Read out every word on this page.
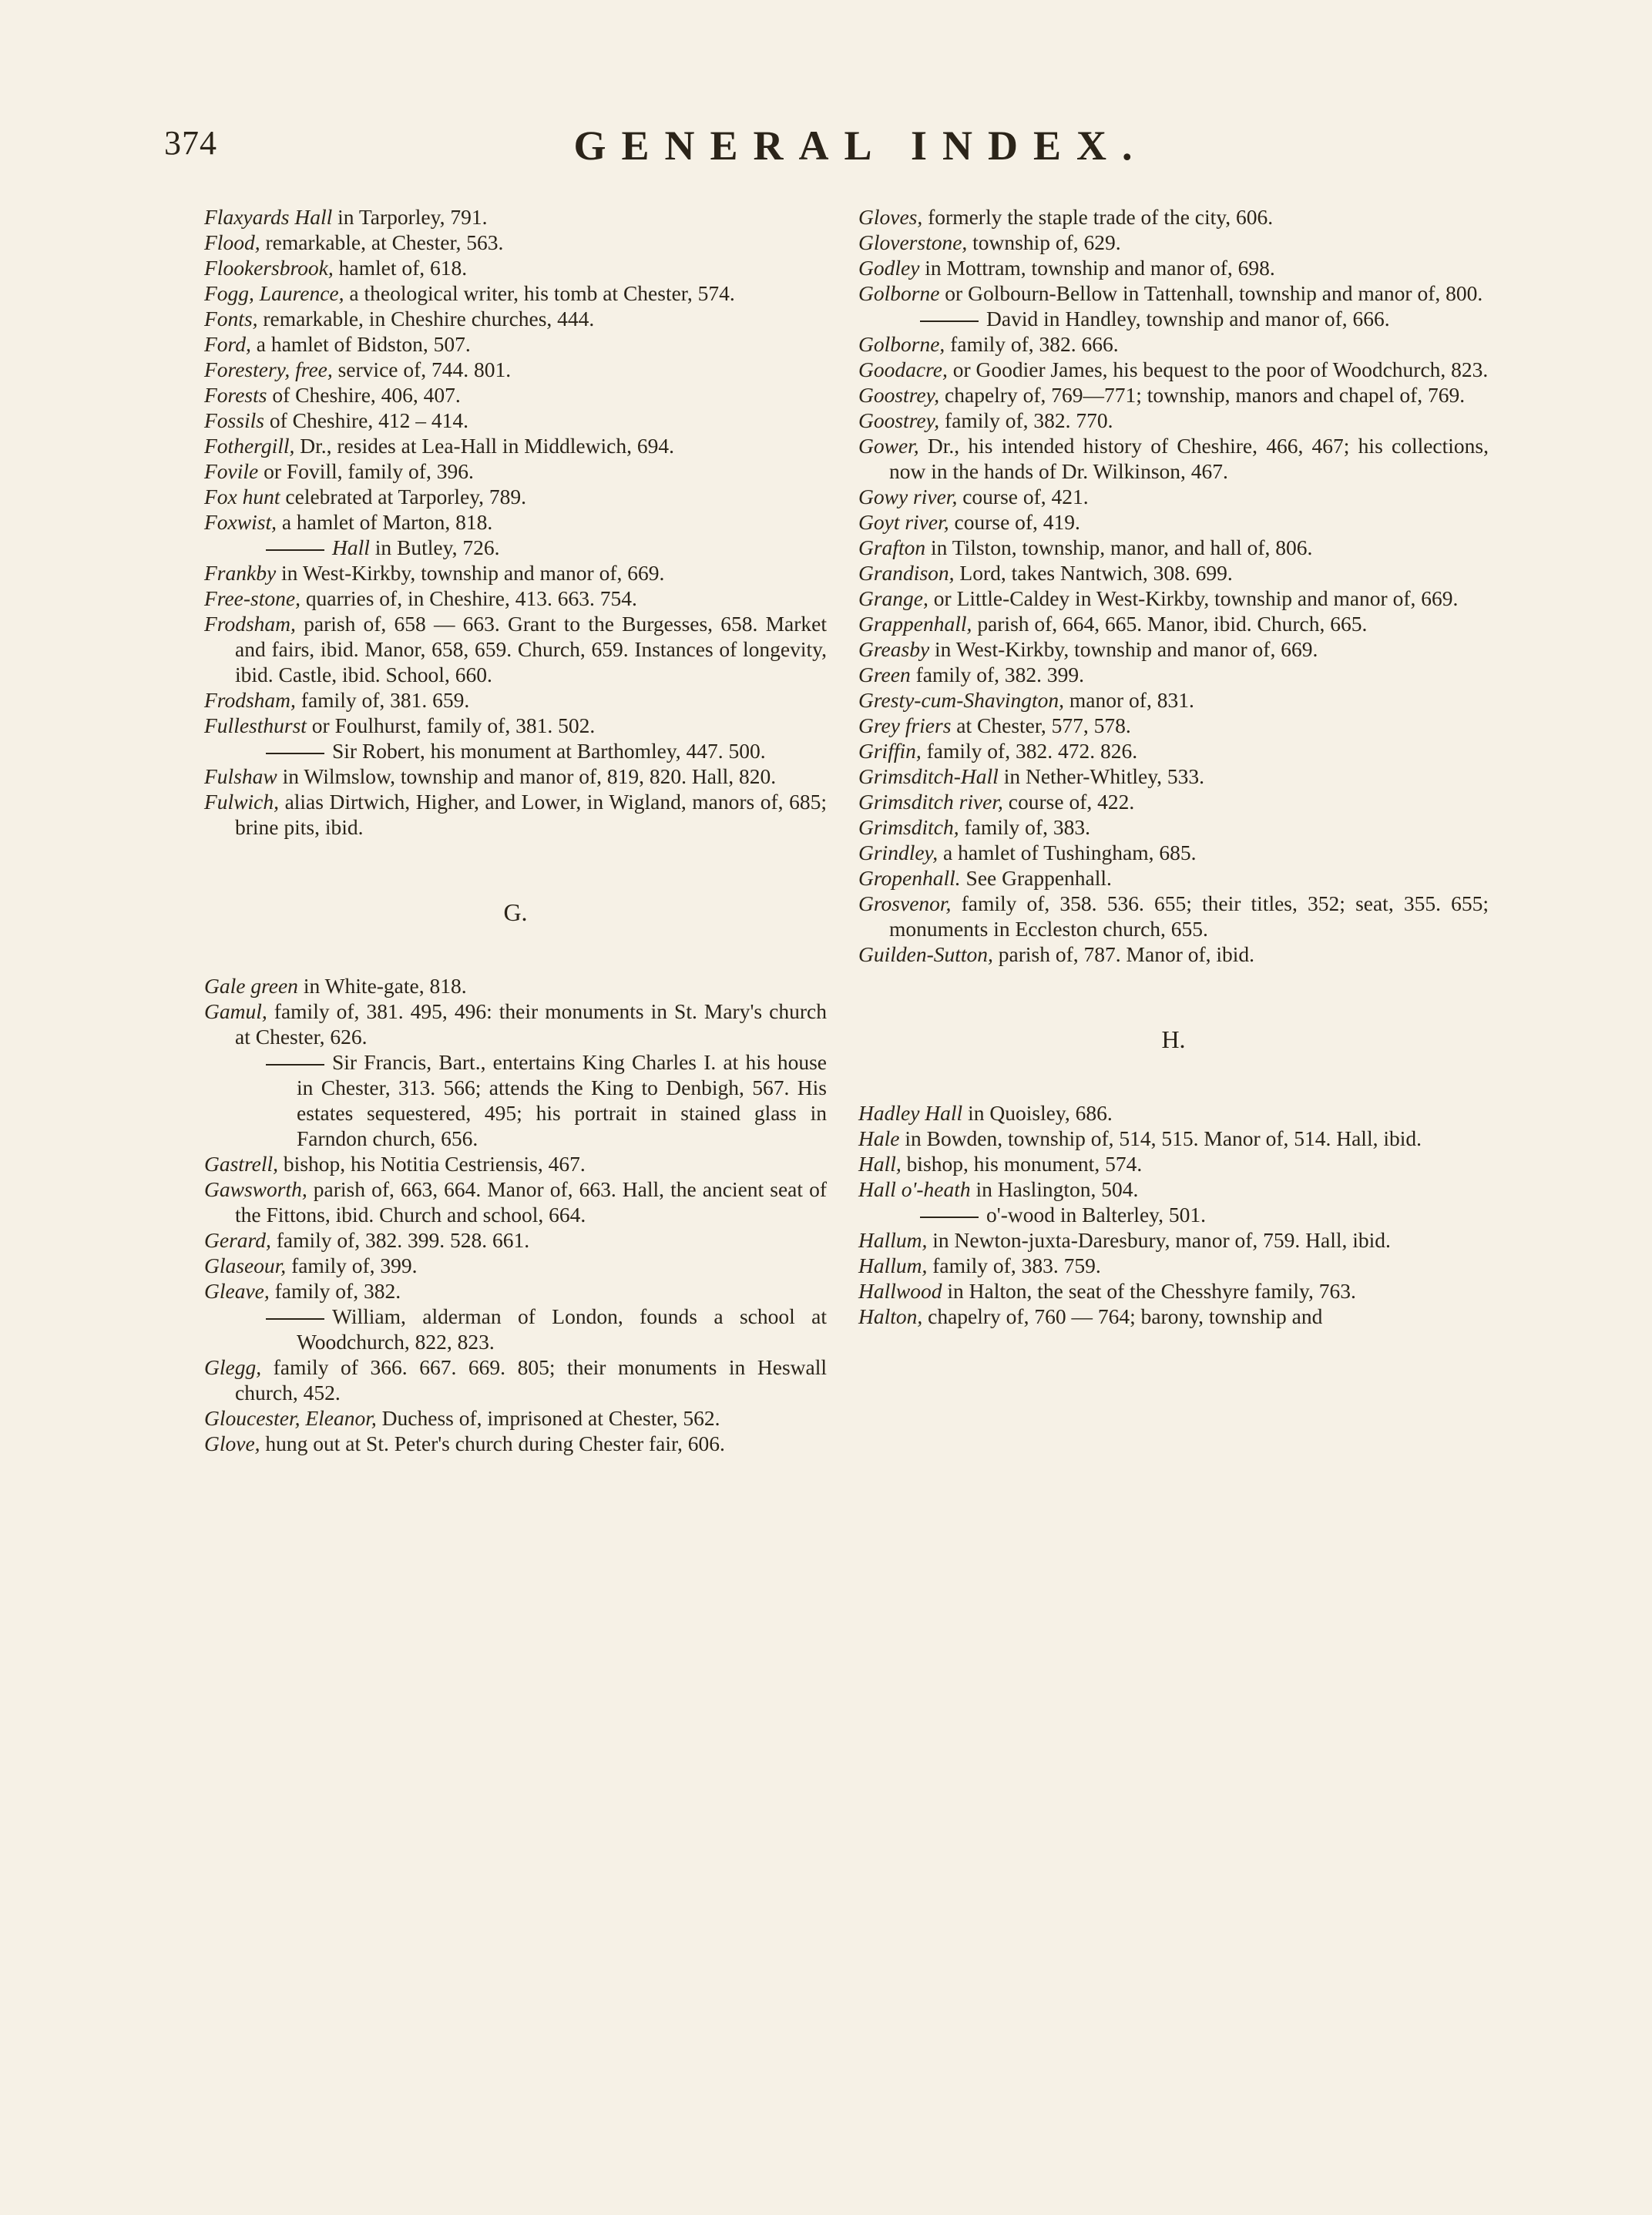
374	GENERAL INDEX.

Flaxyards Hall in Tarporley, 791.

Flood, remarkable, at Chester, 563.

Flookersbrook, hamlet of, 618.

Fogg, Laurence, a theological writer, his tomb at Chester, 574.

Fonts, remarkable, in Cheshire churches, 444.

Ford, a hamlet of Bidston, 507.

Forestery, free, service of, 744. 801.

Forests of Cheshire, 406, 407.

Fossils of Cheshire, 412 – 414.

Fothergill, Dr., resides at Lea-Hall in Middlewich, 694.

Fovile or Fovill, family of, 396.

Fox hunt celebrated at Tarporley, 789.

Foxwist, a hamlet of Marton, 818.

Hall in Butley, 726.

Frankby in West-Kirkby, township and manor of, 669.

Free-stone, quarries of, in Cheshire, 413. 663. 754.

Frodsham, parish of, 658 — 663. Grant to the Burgesses, 658. Market and fairs, ibid. Manor, 658, 659. Church, 659. Instances of longevity, ibid. Castle, ibid. School, 660.

Frodsham, family of, 381. 659.

Fullesthurst or Foulhurst, family of, 381. 502.

Sir Robert, his monument at Barthomley, 447. 500.

Fulshaw in Wilmslow, township and manor of, 819, 820. Hall, 820.

Fulwich, alias Dirtwich, Higher, and Lower, in Wigland, manors of, 685; brine pits, ibid.

G.

Gale green in White-gate, 818.

Gamul, family of, 381. 495, 496: their monuments in St. Mary's church at Chester, 626.

Sir Francis, Bart., entertains King Charles I. at his house in Chester, 313. 566; attends the King to Denbigh, 567. His estates sequestered, 495; his portrait in stained glass in Farndon church, 656.

Gastrell, bishop, his Notitia Cestriensis, 467.

Gawsworth, parish of, 663, 664. Manor of, 663. Hall, the ancient seat of the Fittons, ibid. Church and school, 664.

Gerard, family of, 382. 399. 528. 661.

Glaseour, family of, 399.

Gleave, family of, 382.

William, alderman of London, founds a school at Woodchurch, 822, 823.

Glegg, family of 366. 667. 669. 805; their monuments in Heswall church, 452.

Gloucester, Eleanor, Duchess of, imprisoned at Chester, 562.

Glove, hung out at St. Peter's church during Chester fair, 606.

Gloves, formerly the staple trade of the city, 606.

Gloverstone, township of, 629.

Godley in Mottram, township and manor of, 698.

Golborne or Golbourn-Bellow in Tattenhall, township and manor of, 800.

David in Handley, township and manor of, 666.

Golborne, family of, 382. 666.

Goodacre, or Goodier James, his bequest to the poor of Woodchurch, 823.

Goostrey, chapelry of, 769—771; township, manors and chapel of, 769.

Goostrey, family of, 382. 770.

Gower, Dr., his intended history of Cheshire, 466, 467; his collections, now in the hands of Dr. Wilkinson, 467.

Gowy river, course of, 421.

Goyt river, course of, 419.

Grafton in Tilston, township, manor, and hall of, 806.

Grandison, Lord, takes Nantwich, 308. 699.

Grange, or Little-Caldey in West-Kirkby, township and manor of, 669.

Grappenhall, parish of, 664, 665. Manor, ibid. Church, 665.

Greasby in West-Kirkby, township and manor of, 669.

Green family of, 382. 399.

Gresty-cum-Shavington, manor of, 831.

Grey friers at Chester, 577, 578.

Griffin, family of, 382. 472. 826.

Grimsditch-Hall in Nether-Whitley, 533.

Grimsditch river, course of, 422.

Grimsditch, family of, 383.

Grindley, a hamlet of Tushingham, 685.

Gropenhall. See Grappenhall.

Grosvenor, family of, 358. 536. 655; their titles, 352; seat, 355. 655; monuments in Eccleston church, 655.

Guilden-Sutton, parish of, 787. Manor of, ibid.

H.

Hadley Hall in Quoisley, 686.

Hale in Bowden, township of, 514, 515. Manor of, 514. Hall, ibid.

Hall, bishop, his monument, 574.

Hall o'-heath in Haslington, 504.

o'-wood in Balterley, 501.

Hallum, in Newton-juxta-Daresbury, manor of, 759. Hall, ibid.

Hallum, family of, 383. 759.

Hallwood in Halton, the seat of the Chesshyre family, 763.

Halton, chapelry of, 760 — 764; barony, township and
